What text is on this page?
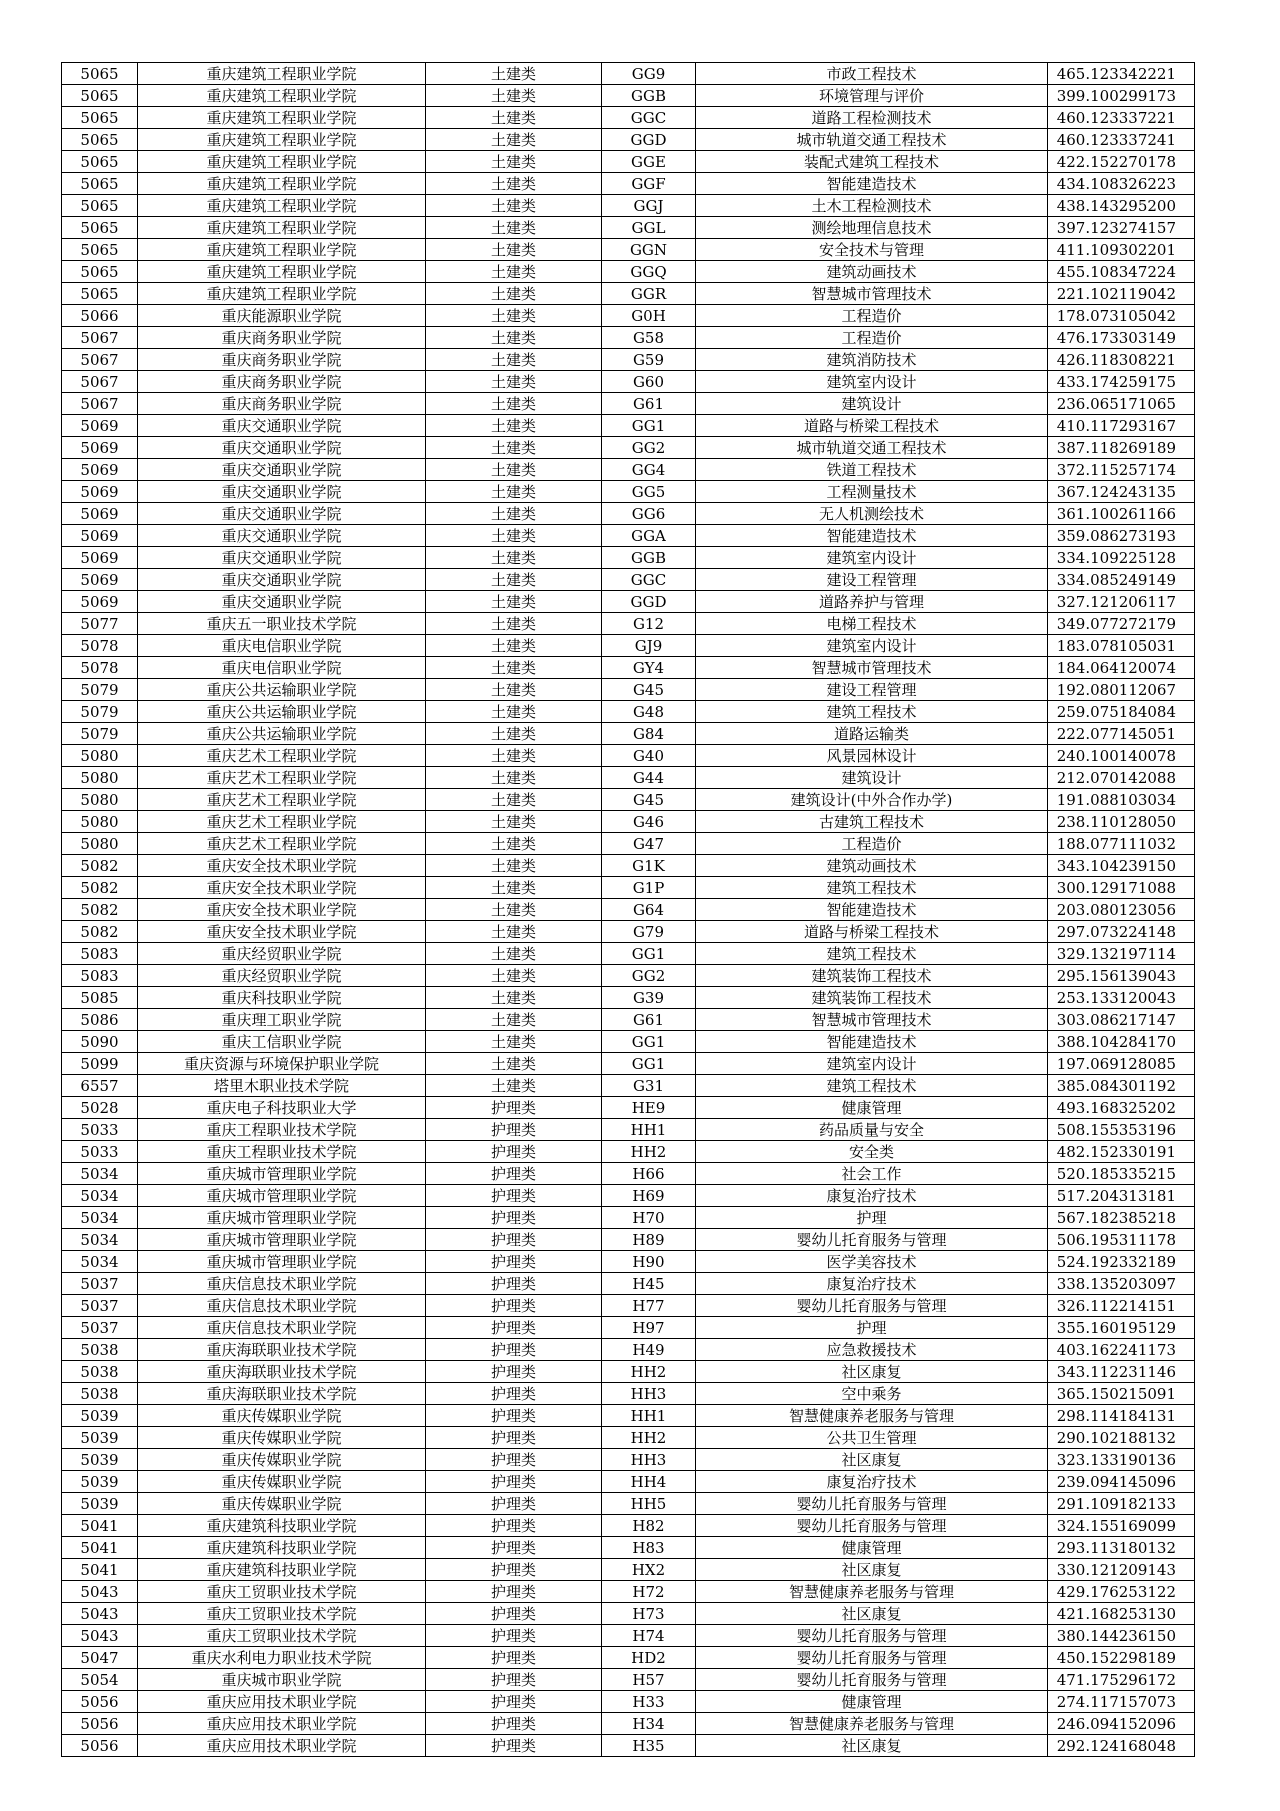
5065	重庆建筑工程职业学院	土建类	GG9	市政工程技术	465.123342221
5065	重庆建筑工程职业学院	土建类	GGB	环境管理与评价	399.100299173
5065	重庆建筑工程职业学院	土建类	GGC	道路工程检测技术	460.123337221
5065	重庆建筑工程职业学院	土建类	GGD	城市轨道交通工程技术	460.123337241
5065	重庆建筑工程职业学院	土建类	GGE	装配式建筑工程技术	422.152270178
5065	重庆建筑工程职业学院	土建类	GGF	智能建造技术	434.108326223
5065	重庆建筑工程职业学院	土建类	GGJ	土木工程检测技术	438.143295200
5065	重庆建筑工程职业学院	土建类	GGL	测绘地理信息技术	397.123274157
5065	重庆建筑工程职业学院	土建类	GGN	安全技术与管理	411.109302201
5065	重庆建筑工程职业学院	土建类	GGQ	建筑动画技术	455.108347224
5065	重庆建筑工程职业学院	土建类	GGR	智慧城市管理技术	221.102119042
5066	重庆能源职业学院	土建类	G0H	工程造价	178.073105042
5067	重庆商务职业学院	土建类	G58	工程造价	476.173303149
5067	重庆商务职业学院	土建类	G59	建筑消防技术	426.118308221
5067	重庆商务职业学院	土建类	G60	建筑室内设计	433.174259175
5067	重庆商务职业学院	土建类	G61	建筑设计	236.065171065
5069	重庆交通职业学院	土建类	GG1	道路与桥梁工程技术	410.117293167
5069	重庆交通职业学院	土建类	GG2	城市轨道交通工程技术	387.118269189
5069	重庆交通职业学院	土建类	GG4	铁道工程技术	372.115257174
5069	重庆交通职业学院	土建类	GG5	工程测量技术	367.124243135
5069	重庆交通职业学院	土建类	GG6	无人机测绘技术	361.100261166
5069	重庆交通职业学院	土建类	GGA	智能建造技术	359.086273193
5069	重庆交通职业学院	土建类	GGB	建筑室内设计	334.109225128
5069	重庆交通职业学院	土建类	GGC	建设工程管理	334.085249149
5069	重庆交通职业学院	土建类	GGD	道路养护与管理	327.121206117
5077	重庆五一职业技术学院	土建类	G12	电梯工程技术	349.077272179
5078	重庆电信职业学院	土建类	GJ9	建筑室内设计	183.078105031
5078	重庆电信职业学院	土建类	GY4	智慧城市管理技术	184.064120074
5079	重庆公共运输职业学院	土建类	G45	建设工程管理	192.080112067
5079	重庆公共运输职业学院	土建类	G48	建筑工程技术	259.075184084
5079	重庆公共运输职业学院	土建类	G84	道路运输类	222.077145051
5080	重庆艺术工程职业学院	土建类	G40	风景园林设计	240.100140078
5080	重庆艺术工程职业学院	土建类	G44	建筑设计	212.070142088
5080	重庆艺术工程职业学院	土建类	G45	建筑设计(中外合作办学)	191.088103034
5080	重庆艺术工程职业学院	土建类	G46	古建筑工程技术	238.110128050
5080	重庆艺术工程职业学院	土建类	G47	工程造价	188.077111032
5082	重庆安全技术职业学院	土建类	G1K	建筑动画技术	343.104239150
5082	重庆安全技术职业学院	土建类	G1P	建筑工程技术	300.129171088
5082	重庆安全技术职业学院	土建类	G64	智能建造技术	203.080123056
5082	重庆安全技术职业学院	土建类	G79	道路与桥梁工程技术	297.073224148
5083	重庆经贸职业学院	土建类	GG1	建筑工程技术	329.132197114
5083	重庆经贸职业学院	土建类	GG2	建筑装饰工程技术	295.156139043
5085	重庆科技职业学院	土建类	G39	建筑装饰工程技术	253.133120043
5086	重庆理工职业学院	土建类	G61	智慧城市管理技术	303.086217147
5090	重庆工信职业学院	土建类	GG1	智能建造技术	388.104284170
5099	重庆资源与环境保护职业学院	土建类	GG1	建筑室内设计	197.069128085
6557	塔里木职业技术学院	土建类	G31	建筑工程技术	385.084301192
5028	重庆电子科技职业大学	护理类	HE9	健康管理	493.168325202
5033	重庆工程职业技术学院	护理类	HH1	药品质量与安全	508.155353196
5033	重庆工程职业技术学院	护理类	HH2	安全类	482.152330191
5034	重庆城市管理职业学院	护理类	H66	社会工作	520.185335215
5034	重庆城市管理职业学院	护理类	H69	康复治疗技术	517.204313181
5034	重庆城市管理职业学院	护理类	H70	护理	567.182385218
5034	重庆城市管理职业学院	护理类	H89	婴幼儿托育服务与管理	506.195311178
5034	重庆城市管理职业学院	护理类	H90	医学美容技术	524.192332189
5037	重庆信息技术职业学院	护理类	H45	康复治疗技术	338.135203097
5037	重庆信息技术职业学院	护理类	H77	婴幼儿托育服务与管理	326.112214151
5037	重庆信息技术职业学院	护理类	H97	护理	355.160195129
5038	重庆海联职业技术学院	护理类	H49	应急救援技术	403.162241173
5038	重庆海联职业技术学院	护理类	HH2	社区康复	343.112231146
5038	重庆海联职业技术学院	护理类	HH3	空中乘务	365.150215091
5039	重庆传媒职业学院	护理类	HH1	智慧健康养老服务与管理	298.114184131
5039	重庆传媒职业学院	护理类	HH2	公共卫生管理	290.102188132
5039	重庆传媒职业学院	护理类	HH3	社区康复	323.133190136
5039	重庆传媒职业学院	护理类	HH4	康复治疗技术	239.094145096
5039	重庆传媒职业学院	护理类	HH5	婴幼儿托育服务与管理	291.109182133
5041	重庆建筑科技职业学院	护理类	H82	婴幼儿托育服务与管理	324.155169099
5041	重庆建筑科技职业学院	护理类	H83	健康管理	293.113180132
5041	重庆建筑科技职业学院	护理类	HX2	社区康复	330.121209143
5043	重庆工贸职业技术学院	护理类	H72	智慧健康养老服务与管理	429.176253122
5043	重庆工贸职业技术学院	护理类	H73	社区康复	421.168253130
5043	重庆工贸职业技术学院	护理类	H74	婴幼儿托育服务与管理	380.144236150
5047	重庆水利电力职业技术学院	护理类	HD2	婴幼儿托育服务与管理	450.152298189
5054	重庆城市职业学院	护理类	H57	婴幼儿托育服务与管理	471.175296172
5056	重庆应用技术职业学院	护理类	H33	健康管理	274.117157073
5056	重庆应用技术职业学院	护理类	H34	智慧健康养老服务与管理	246.094152096
5056	重庆应用技术职业学院	护理类	H35	社区康复	292.124168048
